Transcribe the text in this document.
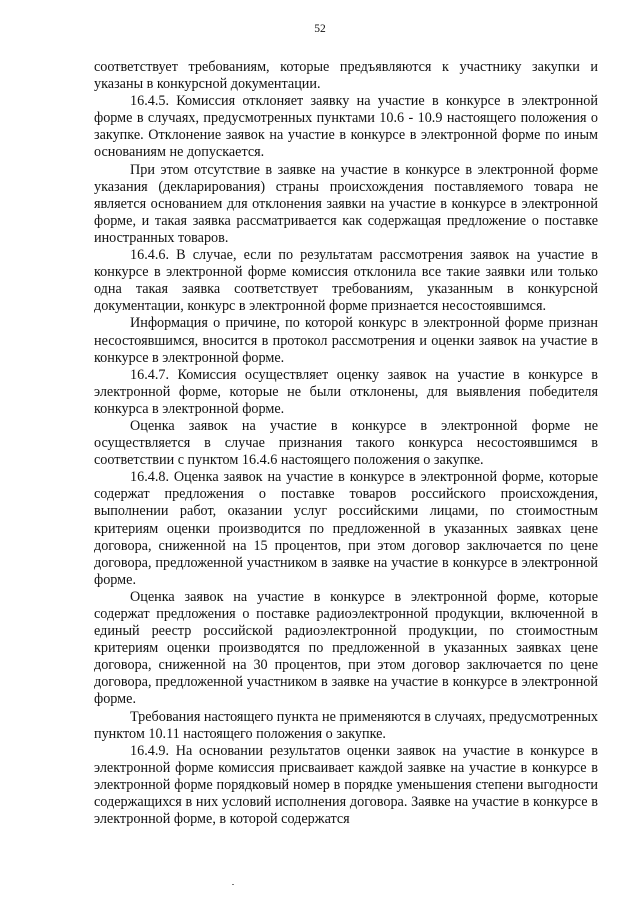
52

соответствует требованиям, которые предъявляются к участнику закупки и указаны в конкурсной документации.

16.4.5. Комиссия отклоняет заявку на участие в конкурсе в электронной форме в случаях, предусмотренных пунктами 10.6 - 10.9 настоящего положения о закупке. Отклонение заявок на участие в конкурсе в электронной форме по иным основаниям не допускается.

При этом отсутствие в заявке на участие в конкурсе в электронной форме указания (декларирования) страны происхождения поставляемого товара не является основанием для отклонения заявки на участие в конкурсе в электронной форме, и такая заявка рассматривается как содержащая предложение о поставке иностранных товаров.

16.4.6. В случае, если по результатам рассмотрения заявок на участие в конкурсе в электронной форме комиссия отклонила все такие заявки или только одна такая заявка соответствует требованиям, указанным в конкурсной документации, конкурс в электронной форме признается несостоявшимся.

Информация о причине, по которой конкурс в электронной форме признан несостоявшимся, вносится в протокол рассмотрения и оценки заявок на участие в конкурсе в электронной форме.

16.4.7. Комиссия осуществляет оценку заявок на участие в конкурсе в электронной форме, которые не были отклонены, для выявления победителя конкурса в электронной форме.

Оценка заявок на участие в конкурсе в электронной форме не осуществляется в случае признания такого конкурса несостоявшимся в соответствии с пунктом 16.4.6 настоящего положения о закупке.

16.4.8. Оценка заявок на участие в конкурсе в электронной форме, которые содержат предложения о поставке товаров российского происхождения, выполнении работ, оказании услуг российскими лицами, по стоимостным критериям оценки производится по предложенной в указанных заявках цене договора, сниженной на 15 процентов, при этом договор заключается по цене договора, предложенной участником в заявке на участие в конкурсе в электронной форме.

Оценка заявок на участие в конкурсе в электронной форме, которые содержат предложения о поставке радиоэлектронной продукции, включенной в единый реестр российской радиоэлектронной продукции, по стоимостным критериям оценки производятся по предложенной в указанных заявках цене договора, сниженной на 30 процентов, при этом договор заключается по цене договора, предложенной участником в заявке на участие в конкурсе в электронной форме.

Требования настоящего пункта не применяются в случаях, предусмотренных пунктом 10.11 настоящего положения о закупке.

16.4.9. На основании результатов оценки заявок на участие в конкурсе в электронной форме комиссия присваивает каждой заявке на участие в конкурсе в электронной форме порядковый номер в порядке уменьшения степени выгодности содержащихся в них условий исполнения договора. Заявке на участие в конкурсе в электронной форме, в которой содержатся
